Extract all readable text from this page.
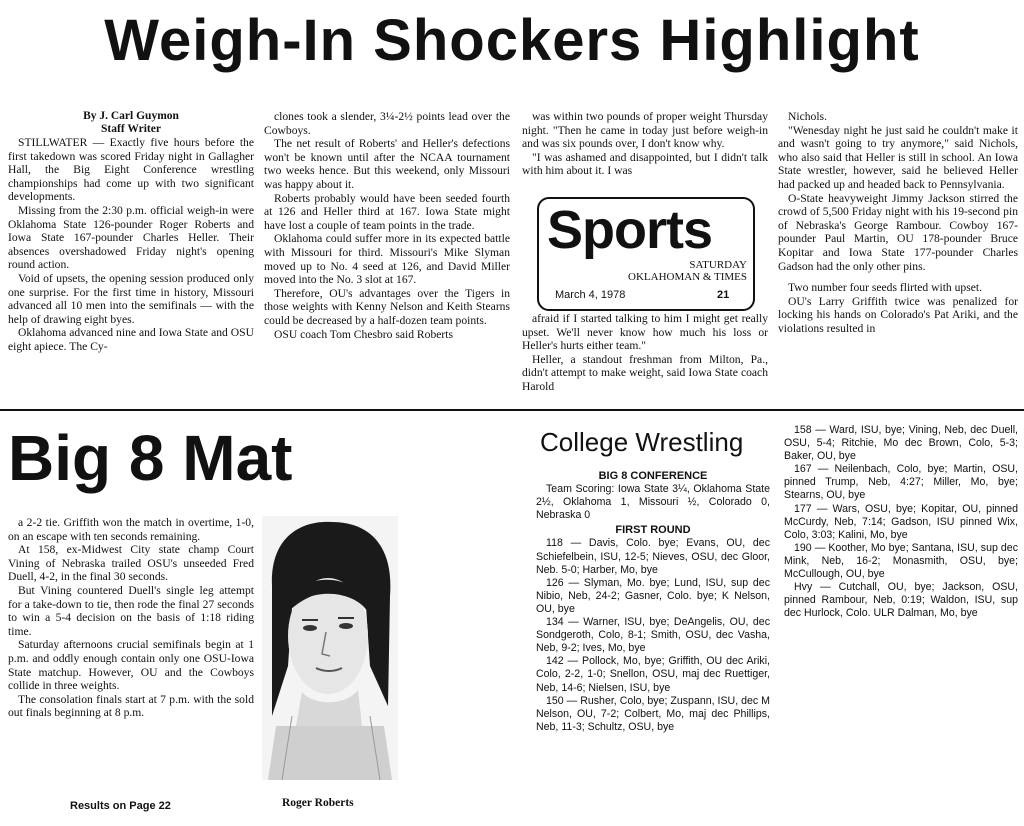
Weigh-In Shockers Highlight
By J. Carl Guymon
Staff Writer

STILLWATER — Exactly five hours before the first takedown was scored Friday night in Gallagher Hall, the Big Eight Conference wrestling championships had come up with two significant developments.

Missing from the 2:30 p.m. official weigh-in were Oklahoma State 126-pounder Roger Roberts and Iowa State 167-pounder Charles Heller. Their absences overshadowed Friday night's opening round action.

Void of upsets, the opening session produced only one surprise. For the first time in history, Missouri advanced all 10 men into the semifinals — with the help of drawing eight byes.

Oklahoma advanced nine and Iowa State and OSU eight apiece. The Cy-

clones took a slender, 3¼-2½ points lead over the Cowboys.

The net result of Roberts' and Heller's defections won't be known until after the NCAA tournament two weeks hence. But this weekend, only Missouri was happy about it.

Roberts probably would have been seeded fourth at 126 and Heller third at 167. Iowa State might have lost a couple of team points in the trade.

Oklahoma could suffer more in its expected battle with Missouri for third. Missouri's Mike Slyman moved up to No. 4 seed at 126, and David Miller moved into the No. 3 slot at 167.

Therefore, OU's advantages over the Tigers in those weights with Kenny Nelson and Keith Stearns could be decreased by a half-dozen team points.

OSU coach Tom Chesbro said Roberts

was within two pounds of proper weight Thursday night. "Then he came in today just before weigh-in and was six pounds over, I don't know why.

"I was ashamed and disappointed, but I didn't talk with him about it. I was

Sports
SATURDAY
OKLAHOMAN & TIMES
March 4, 1978	21

afraid if I started talking to him I might get really upset. We'll never know how much his loss or Heller's hurts either team."

Heller, a standout freshman from Milton, Pa., didn't attempt to make weight, said Iowa State coach Harold

Nichols.

"Wenesday night he just said he couldn't make it and wasn't going to try anymore," said Nichols, who also said that Heller is still in school. An Iowa State wrestler, however, said he believed Heller had packed up and headed back to Pennsylvania.

O-State heavyweight Jimmy Jackson stirred the crowd of 5,500 Friday night with his 19-second pin of Nebraska's George Rambour. Cowboy 167-pounder Paul Martin, OU 178-pounder Bruce Kopitar and Iowa State 177-pounder Charles Gadson had the only other pins.

Two number four seeds flirted with upset.

OU's Larry Griffith twice was penalized for locking his hands on Colorado's Pat Ariki, and the violations resulted in

Big 8 Mat

a 2-2 tie. Griffith won the match in overtime, 1-0, on an escape with ten seconds remaining.

At 158, ex-Midwest City state champ Court Vining of Nebraska trailed OSU's unseeded Fred Duell, 4-2, in the final 30 seconds.

But Vining countered Duell's single leg attempt for a take-down to tie, then rode the final 27 seconds to win a 5-4 decision on the basis of 1:18 riding time.

Saturday afternoons crucial semifinals begin at 1 p.m. and oddly enough contain only one OSU-Iowa State matchup. However, OU and the Cowboys collide in three weights.

The consolation finals start at 7 p.m. with the sold out finals beginning at 8 p.m.

Results on Page 22	Roger Roberts
College Wrestling
BIG 8 CONFERENCE

Team Scoring: Iowa State 3¼, Oklahoma State 2½, Oklahoma 1, Missouri ½, Colorado 0, Nebraska 0

FIRST ROUND

118 — Davis, Colo. bye; Evans, OU, dec Schiefelbein, ISU, 12-5; Nieves, OSU, dec Gloor, Neb. 5-0; Harber, Mo, bye

126 — Slyman, Mo. bye; Lund, ISU, sup dec Nibio, Neb, 24-2; Gasner, Colo. bye; K Nelson, OU, bye

134 — Warner, ISU, bye; DeAngelis, OU, dec Sondgeroth, Colo, 8-1; Smith, OSU, dec Vasha, Neb, 9-2; Ives, Mo, bye

142 — Pollock, Mo, bye; Griffith, OU dec Ariki, Colo, 2-2, 1-0; Snellon, OSU, maj dec Ruettiger, Neb, 14-6; Nielsen, ISU, bye

150 — Rusher, Colo, bye; Zuspann, ISU, dec M Nelson, OU, 7-2; Colbert, Mo, maj dec Phillips, Neb, 11-3; Schultz, OSU, bye

158 — Ward, ISU, bye; Vining, Neb, dec Duell, OSU, 5-4; Ritchie, Mo dec Brown, Colo, 5-3; Baker, OU, bye

167 — Neilenbach, Colo, bye; Martin, OSU, pinned Trump, Neb, 4:27; Miller, Mo, bye; Stearns, OU, bye

177 — Wars, OSU, bye; Kopitar, OU, pinned McCurdy, Neb, 7:14; Gadson, ISU pinned Wix, Colo, 3:03; Kalini, Mo, bye

190 — Koother, Mo bye; Santana, ISU, sup dec Mink, Neb, 16-2; Monasmith, OSU, bye; McCullough, OU, bye

Hvy — Cutchall, OU, bye; Jackson, OSU, pinned Rambour, Neb, 0:19; Waldon, ISU, sup dec Hurlock, Colo. ULR Dalman, Mo, bye
